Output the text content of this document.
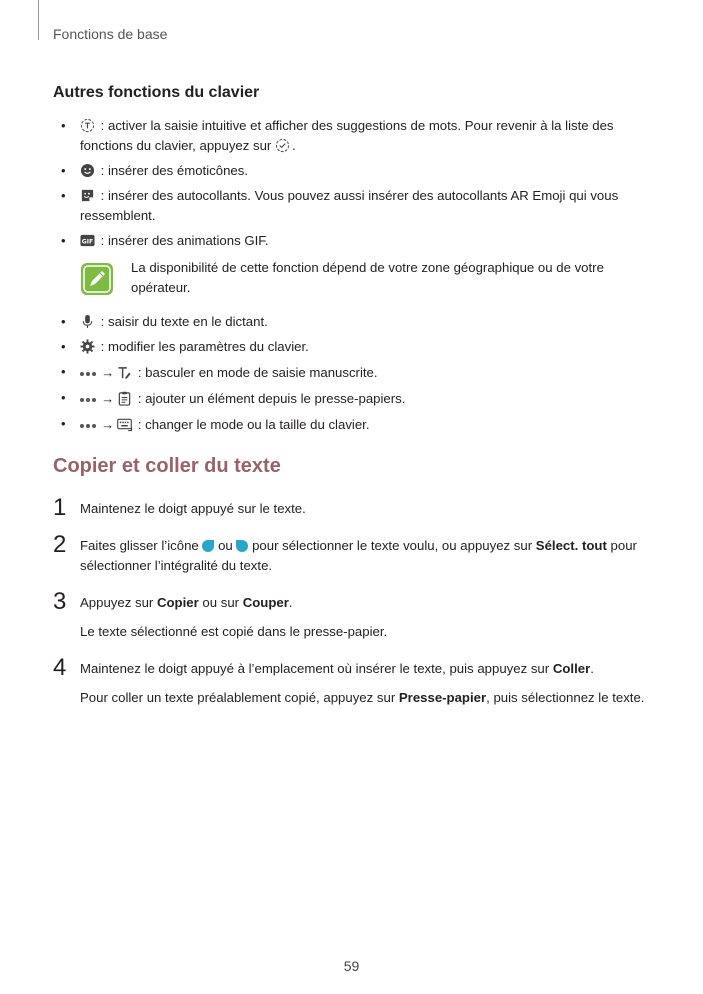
Fonctions de base
Autres fonctions du clavier
• : activer la saisie intuitive et afficher des suggestions de mots. Pour revenir à la liste des fonctions du clavier, appuyez sur
.
• : insérer des émoticônes.
• : insérer des autocollants. Vous pouvez aussi insérer des autocollants AR Emoji qui vous ressemblent.
• GIF : insérer des animations GIF.
La disponibilité de cette fonction dépend de votre zone géographique ou de votre opérateur.
• : saisir du texte en le dictant.
• : modifier les paramètres du clavier.
•	→
: basculer en mode de saisie manuscrite.
•	→
: ajouter un élément depuis le presse-papiers.
•	→
: changer le mode ou la taille du clavier.
Copier et coller du texte
1 Maintenez le doigt appuyé sur le texte.
2 Faites glisser l’icône  ou  pour sélectionner le texte voulu, ou appuyez sur Sélect. tout pour sélectionner l’intégralité du texte.
3 Appuyez sur Copier ou sur Couper.
Le texte sélectionné est copié dans le presse-papier.
4 Maintenez le doigt appuyé à l’emplacement où insérer le texte, puis appuyez sur Coller.
Pour coller un texte préalablement copié, appuyez sur Presse-papier, puis sélectionnez le texte.
59
